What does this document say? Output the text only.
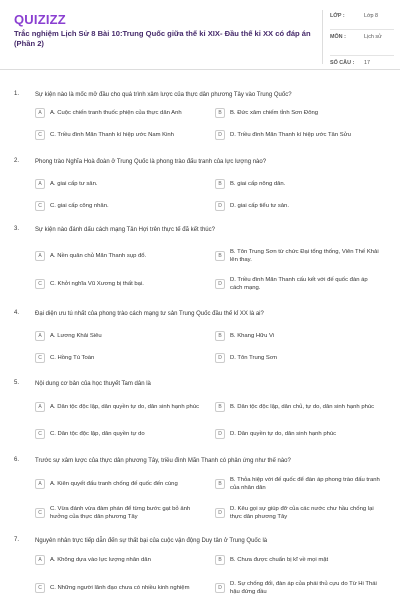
QUIZIZZ
Trắc nghiệm Lịch Sử 8 Bài 10:Trung Quốc giữa thế kỉ XIX- Đầu thế kỉ XX có đáp án (Phần 2)
LỚP :	Lớp 8
MÔN :	Lịch sử
SỐ CÂU : 17
1.	Sự kiện nào là mốc mở đầu cho quá trình xâm lược của thực dân phương Tây vào Trung Quốc?
A	A. Cuộc chiến tranh thuốc phiện của thực dân Anh	B	B. Đức xâm chiếm tỉnh Sơn Đông
C	C. Triều đình Mãn Thanh kí hiệp ước Nam Kinh	D	D. Triều đình Mãn Thanh kí hiệp ước Tân Sửu
2.	Phong trào Nghĩa Hoà đoàn ở Trung Quốc là phong trào đấu tranh của lực lượng nào?
A	A. giai cấp tư sản.	B	B. giai cấp nông dân.
C	C. giai cấp công nhân.	D	D. giai cấp tiểu tư sản.
3.	Sự kiện nào đánh dấu cách mạng Tân Hợi trên thực tế đã kết thúc?
A	A. Nền quân chủ Mãn Thanh sụp đổ.	B
B. Tôn Trung Sơn từ chức Đại tổng thống, Viên Thế Khải lên thay.
C	C. Khởi nghĩa Vũ Xương bị thất bại.	D
D. Triều đình Mãn Thanh cấu kết với đế quốc đàn áp cách mạng.
4.	Đại diện ưu tú nhất của phong trào cách mạng tư sản Trung Quốc đầu thế kỉ XX là ai?
A	A. Lương Khải Siêu	B	B. Khang Hữu Vi
C	C. Hồng Tú Toàn	D	D. Tôn Trung Sơn
5.	Nội dung cơ bản của học thuyết Tam dân là
A	A. Dân tộc độc lập, dân quyền tự do, dân sinh hạnh phúc	B	B. Dân tộc độc lập, dân chủ, tự do, dân sinh hạnh phúc
C	C. Dân tộc độc lập, dân quyền tự do	D	D. Dân quyền tự do, dân sinh hạnh phúc
6.	Trước sự xâm lược của thực dân phương Tây, triều đình Mãn Thanh có phản ứng như thế nào?
A	A. Kiên quyết đấu tranh chống đế quốc đến cùng	B
B. Thỏa hiệp với đế quốc để đàn áp phong trào đấu tranh của nhân dân
C
C. Vừa đánh vừa đàm phán để từng bước gạt bỏ ảnh hưởng của thực dân phương Tây
D
D. Kêu gọi sự giúp đỡ của các nước chư hầu chống lại thực dân phương Tây
7.	Nguyên nhân trực tiếp dẫn đến sự thất bại của cuộc vận động Duy tân ở Trung Quốc là
A	A. Không dựa vào lực lượng nhân dân	B	B. Chưa được chuẩn bị kĩ về mọi mặt
C	C. Những người lãnh đạo chưa có nhiều kinh nghiệm	D
D. Sự chống đối, đàn áp của phái thủ cựu do Từ Hi Thái hậu đứng đầu
